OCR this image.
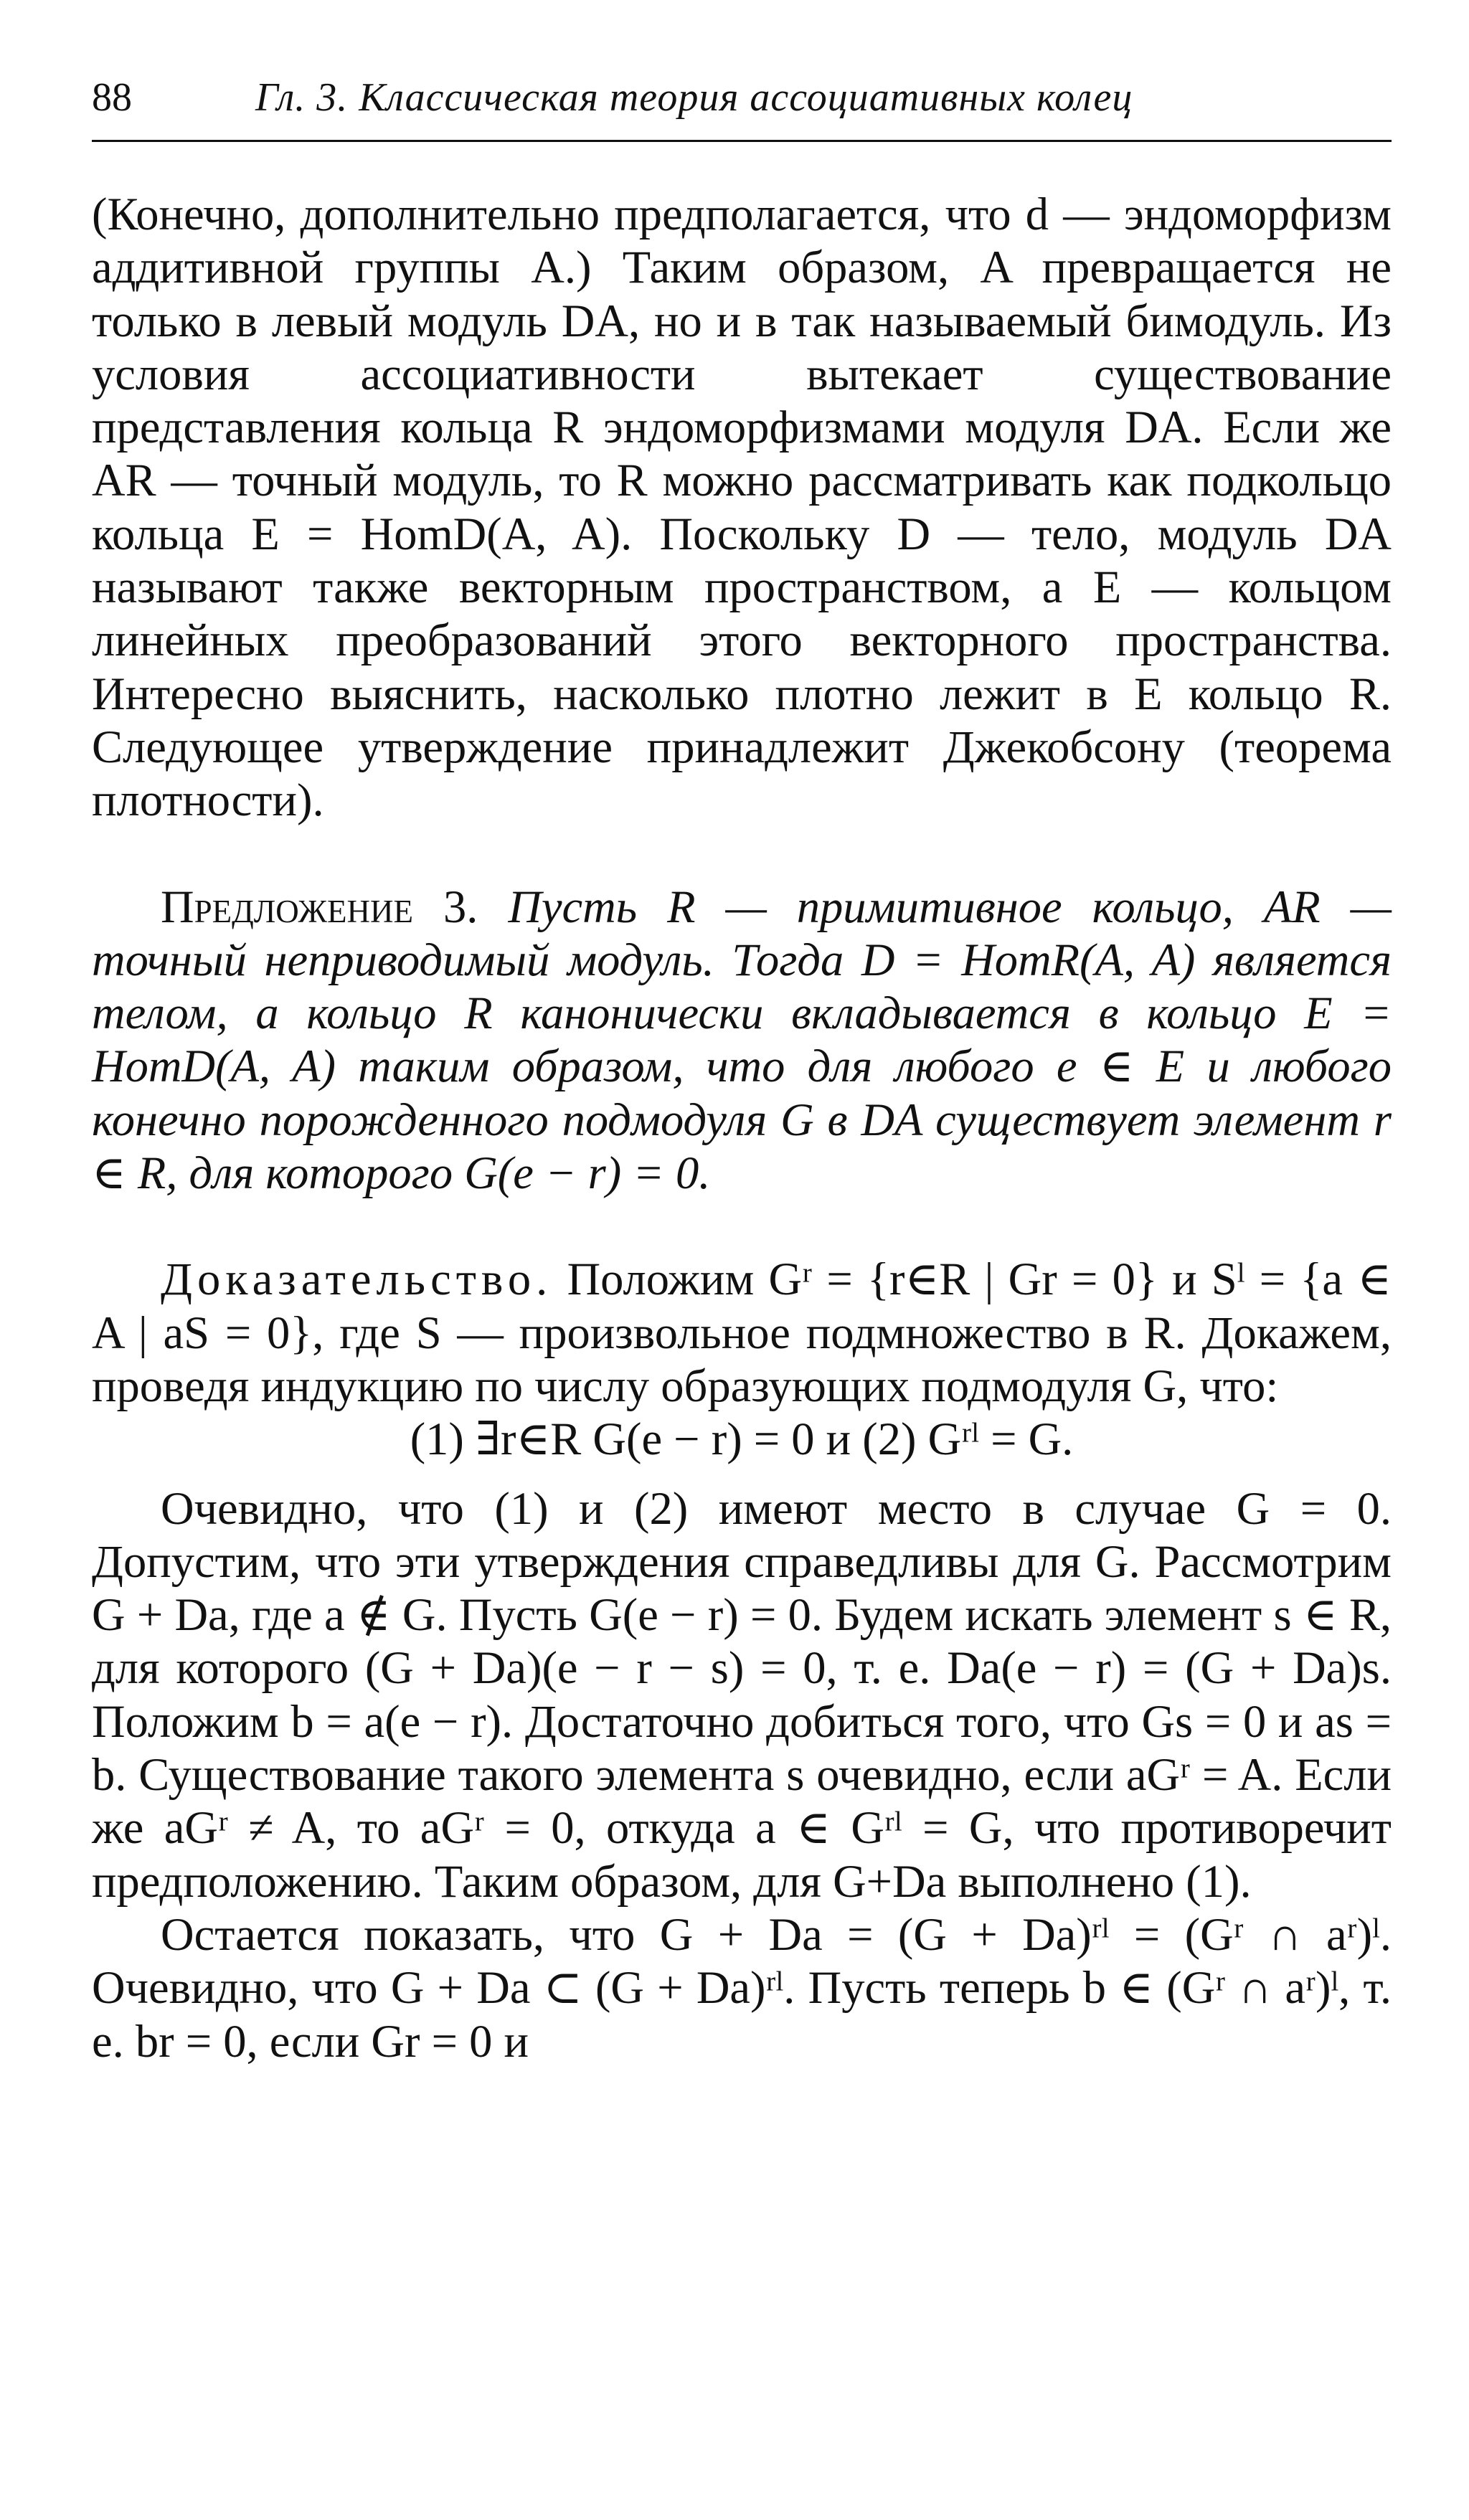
88	Гл. 3. Классическая теория ассоциативных колец

(Конечно, дополнительно предполагается, что d — эндоморфизм аддитивной группы A.) Таким образом, A превращается не только в левый модуль DA, но и в так называемый бимодуль. Из условия ассоциативности вытекает существование представления кольца R эндоморфизмами модуля DA. Если же AR — точный модуль, то R можно рассматривать как подкольцо кольца E = HomD(A, A). Поскольку D — тело, модуль DA называют также векторным пространством, а E — кольцом линейных преобразований этого векторного пространства. Интересно выяснить, насколько плотно лежит в E кольцо R. Следующее утверждение принадлежит Джекобсону (теорема плотности).

Предложение 3. Пусть R — примитивное кольцо, AR — точный неприводимый модуль. Тогда D = HomR(A, A) является телом, а кольцо R канонически вкладывается в кольцо E = HomD(A, A) таким образом, что для любого e ∈ E и любого конечно порожденного подмодуля G в DA существует элемент r ∈ R, для которого G(e − r) = 0.

Доказательство. Положим Gʳ = {r∈R | Gr = 0} и Sˡ = {a ∈ A | aS = 0}, где S — произвольное подмножество в R. Докажем, проведя индукцию по числу образующих подмодуля G, что:

(1) ∃r∈R G(e − r) = 0 и (2) Gʳˡ = G.

Очевидно, что (1) и (2) имеют место в случае G = 0. Допустим, что эти утверждения справедливы для G. Рассмотрим G + Da, где a ∉ G. Пусть G(e − r) = 0. Будем искать элемент s ∈ R, для которого (G + Da)(e − r − s) = 0, т. е. Da(e − r) = (G + Da)s. Положим b = a(e − r). Достаточно добиться того, что Gs = 0 и as = b. Существование такого элемента s очевидно, если aGʳ = A. Если же aGʳ ≠ A, то aGʳ = 0, откуда a ∈ Gʳˡ = G, что противоречит предположению. Таким образом, для G+Da выполнено (1).

Остается показать, что G + Da = (G + Da)ʳˡ = (Gʳ ∩ aʳ)ˡ. Очевидно, что G + Da ⊂ (G + Da)ʳˡ. Пусть теперь b ∈ (Gʳ ∩ aʳ)ˡ, т. е. br = 0, если Gr = 0 и
